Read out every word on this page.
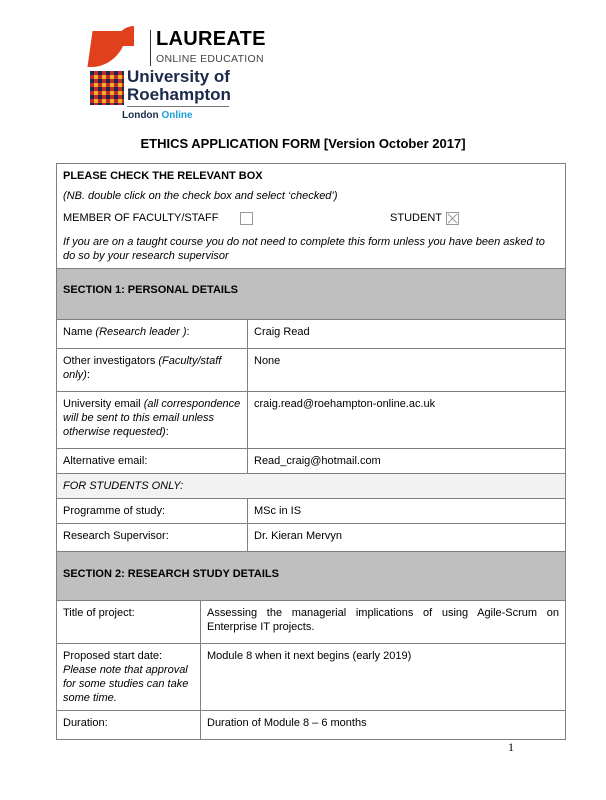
LAUREATE
ONLINE EDUCATION
University of
Roehampton
London Online
ETHICS APPLICATION FORM [Version October 2017]
PLEASE CHECK THE RELEVANT BOX
(NB. double click on the check box and select ‘checked’)
MEMBER OF FACULTY/STAFF STUDENT
If you are on a taught course you do not need to complete this form unless you have been asked to do so by your research supervisor	

SECTION 1: PERSONAL DETAILS	
Name (Research leader ):	Craig Read
Other investigators (Faculty/staff only):	None
University email (all correspondence will be sent to this email unless otherwise requested):	craig.read@roehampton-online.ac.uk
Alternative email:	Read_craig@hotmail.com
FOR STUDENTS ONLY:	
Programme of study:	MSc in IS
Research Supervisor:	Dr. Kieran Mervyn
SECTION 2: RESEARCH STUDY DETAILS	
Title of project:	Assessing the managerial implications of using Agile-Scrum on Enterprise IT projects.

Proposed start date:
Please note that approval for some studies can take some time.	Module 8 when it next begins (early 2019)
Duration:	Duration of Module 8 – 6 months
1
